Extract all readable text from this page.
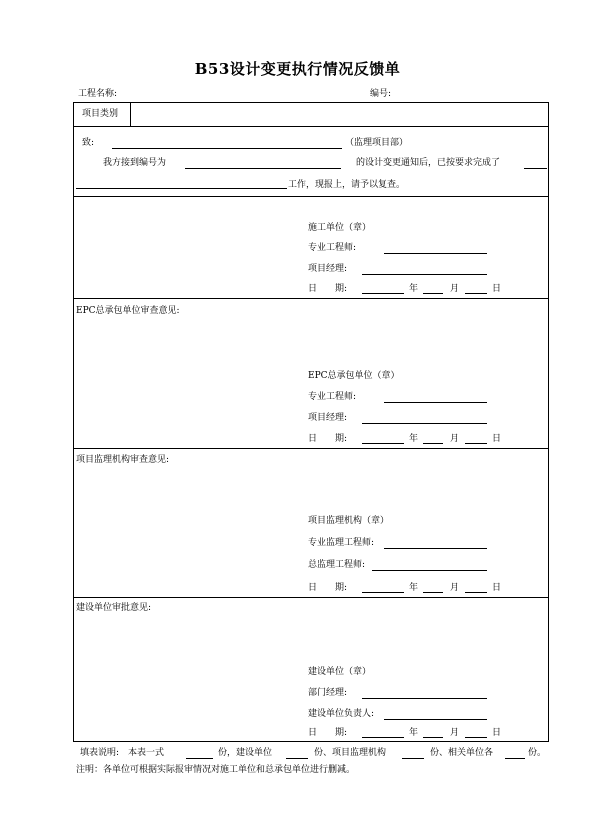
B53设计变更执行情况反馈单
工程名称:	编号:
项目类别
致:	（监理项目部）
我方接到编号为	的设计变更通知后，已按要求完成了
工作，现报上，请予以复查。
施工单位（章）
专业工程师:
项目经理:
日　　期:	年	月	日
EPC总承包单位审查意见:
EPC总承包单位（章）
专业工程师:
项目经理:
日　　期:	年	月	日
项目监理机构审查意见:
项目监理机构（章）
专业监理工程师:
总监理工程师:
日　　期:	年	月	日
建设单位审批意见:
建设单位（章）
部门经理:
建设单位负责人:
日　　期:	年	月	日
填表说明:　本表一式	份，建设单位	份、项目监理机构	份、相关单位各	份。
注明：各单位可根据实际报审情况对施工单位和总承包单位进行删减。
